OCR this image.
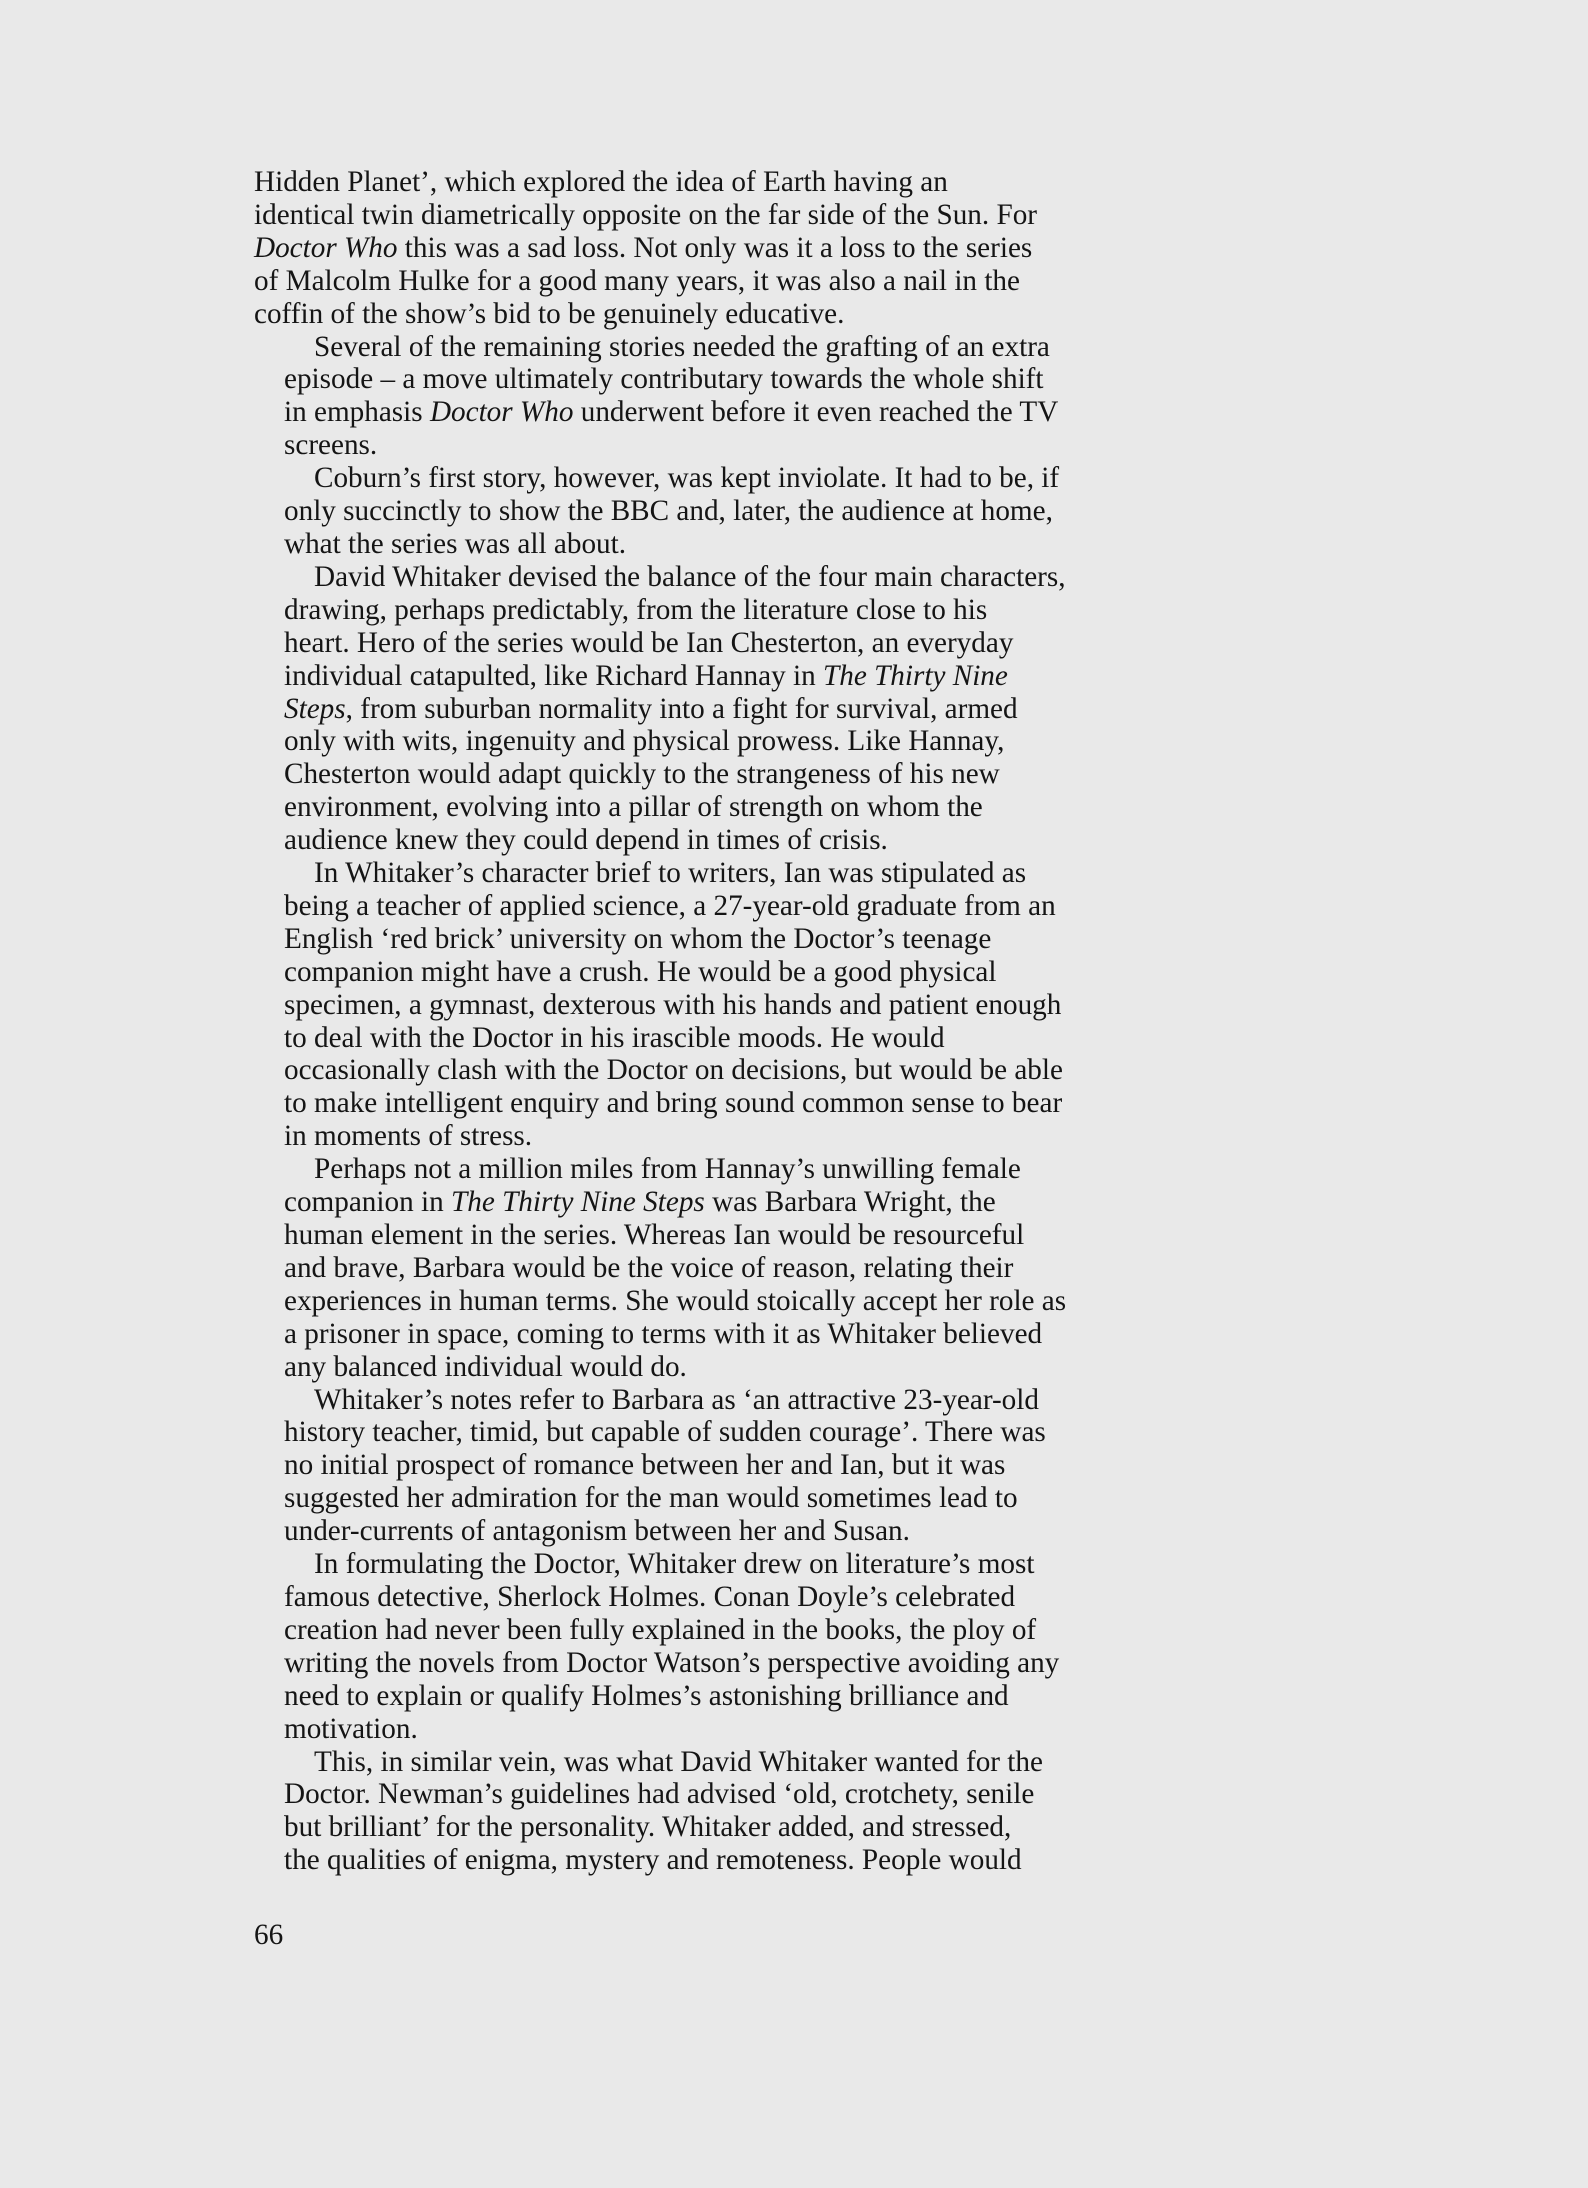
Hidden Planet’, which explored the idea of Earth having an
identical twin diametrically opposite on the far side of the Sun. For
Doctor Who this was a sad loss. Not only was it a loss to the series
of Malcolm Hulke for a good many years, it was also a nail in the
coffin of the show’s bid to be genuinely educative.

Several of the remaining stories needed the grafting of an extra
episode – a move ultimately contributary towards the whole shift
in emphasis Doctor Who underwent before it even reached the TV
screens.

Coburn’s first story, however, was kept inviolate. It had to be, if
only succinctly to show the BBC and, later, the audience at home,
what the series was all about.

David Whitaker devised the balance of the four main characters,
drawing, perhaps predictably, from the literature close to his
heart. Hero of the series would be Ian Chesterton, an everyday
individual catapulted, like Richard Hannay in The Thirty Nine
Steps, from suburban normality into a fight for survival, armed
only with wits, ingenuity and physical prowess. Like Hannay,
Chesterton would adapt quickly to the strangeness of his new
environment, evolving into a pillar of strength on whom the
audience knew they could depend in times of crisis.

In Whitaker’s character brief to writers, Ian was stipulated as
being a teacher of applied science, a 27-year-old graduate from an
English ‘red brick’ university on whom the Doctor’s teenage
companion might have a crush. He would be a good physical
specimen, a gymnast, dexterous with his hands and patient enough
to deal with the Doctor in his irascible moods. He would
occasionally clash with the Doctor on decisions, but would be able
to make intelligent enquiry and bring sound common sense to bear
in moments of stress.

Perhaps not a million miles from Hannay’s unwilling female
companion in The Thirty Nine Steps was Barbara Wright, the
human element in the series. Whereas Ian would be resourceful
and brave, Barbara would be the voice of reason, relating their
experiences in human terms. She would stoically accept her role as
a prisoner in space, coming to terms with it as Whitaker believed
any balanced individual would do.

Whitaker’s notes refer to Barbara as ‘an attractive 23-year-old
history teacher, timid, but capable of sudden courage’. There was
no initial prospect of romance between her and Ian, but it was
suggested her admiration for the man would sometimes lead to
under-currents of antagonism between her and Susan.

In formulating the Doctor, Whitaker drew on literature’s most
famous detective, Sherlock Holmes. Conan Doyle’s celebrated
creation had never been fully explained in the books, the ploy of
writing the novels from Doctor Watson’s perspective avoiding any
need to explain or qualify Holmes’s astonishing brilliance and
motivation.

This, in similar vein, was what David Whitaker wanted for the
Doctor. Newman’s guidelines had advised ‘old, crotchety, senile
but brilliant’ for the personality. Whitaker added, and stressed,
the qualities of enigma, mystery and remoteness. People would

66
